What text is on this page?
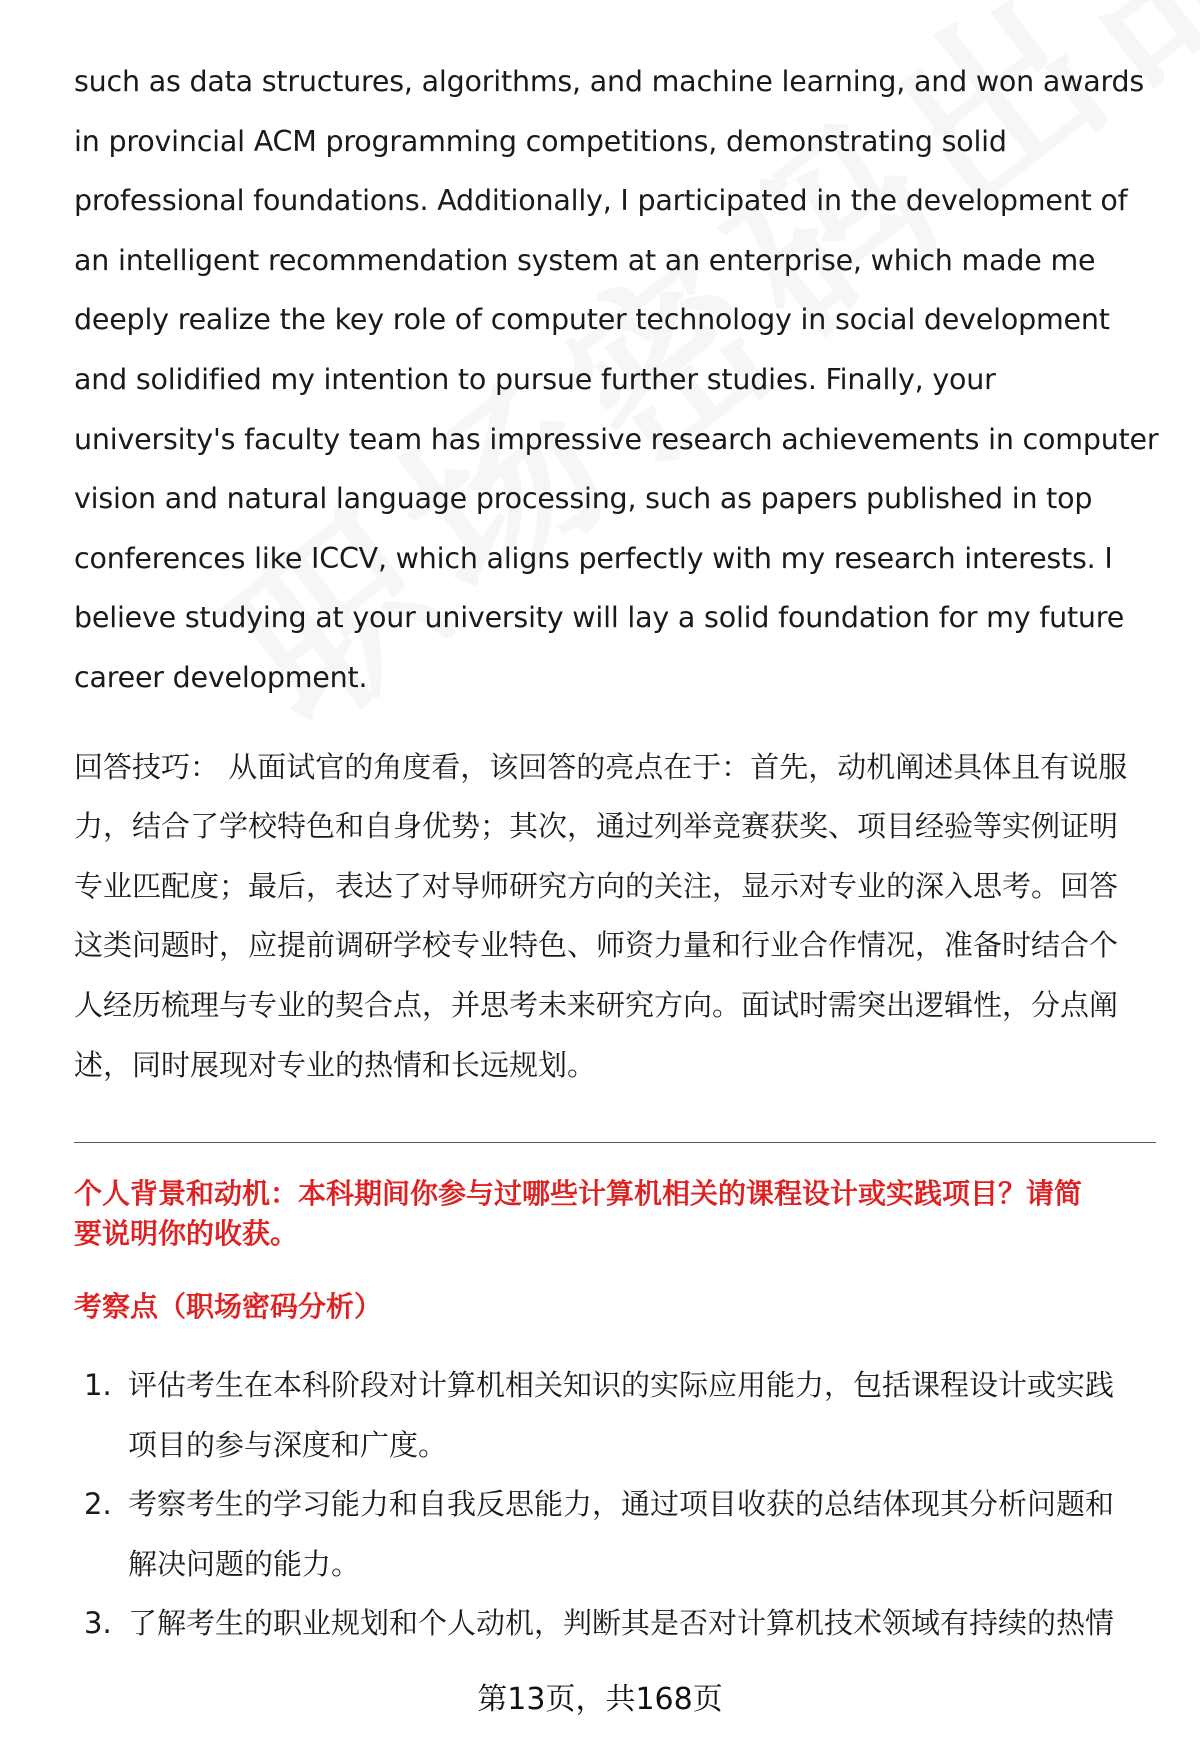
such as data structures, algorithms, and machine learning, and won awards
in provincial ACM programming competitions, demonstrating solid
professional foundations. Additionally, I participated in the development of
an intelligent recommendation system at an enterprise, which made me
deeply realize the key role of computer technology in social development
and solidified my intention to pursue further studies. Finally, your
university's faculty team has impressive research achievements in computer
vision and natural language processing, such as papers published in top
conferences like ICCV, which aligns perfectly with my research interests. I
believe studying at your university will lay a solid foundation for my future
career development.

回答技巧： 从面试官的角度看，该回答的亮点在于：首先，动机阐述具体且有说服
力，结合了学校特色和自身优势；其次，通过列举竞赛获奖、项目经验等实例证明
专业匹配度；最后，表达了对导师研究方向的关注，显示对专业的深入思考。回答
这类问题时，应提前调研学校专业特色、师资力量和行业合作情况，准备时结合个
人经历梳理与专业的契合点，并思考未来研究方向。面试时需突出逻辑性，分点阐
述，同时展现对专业的热情和长远规划。

个人背景和动机：本科期间你参与过哪些计算机相关的课程设计或实践项目？请简
要说明你的收获。
考察点（职场密码分析）
1. 评估考生在本科阶段对计算机相关知识的实际应用能力，包括课程设计或实践
项目的参与深度和广度。
2. 考察考生的学习能力和自我反思能力，通过项目收获的总结体现其分析问题和
解决问题的能力。
3. 了解考生的职业规划和个人动机，判断其是否对计算机技术领域有持续的热情
第13页，共168页
